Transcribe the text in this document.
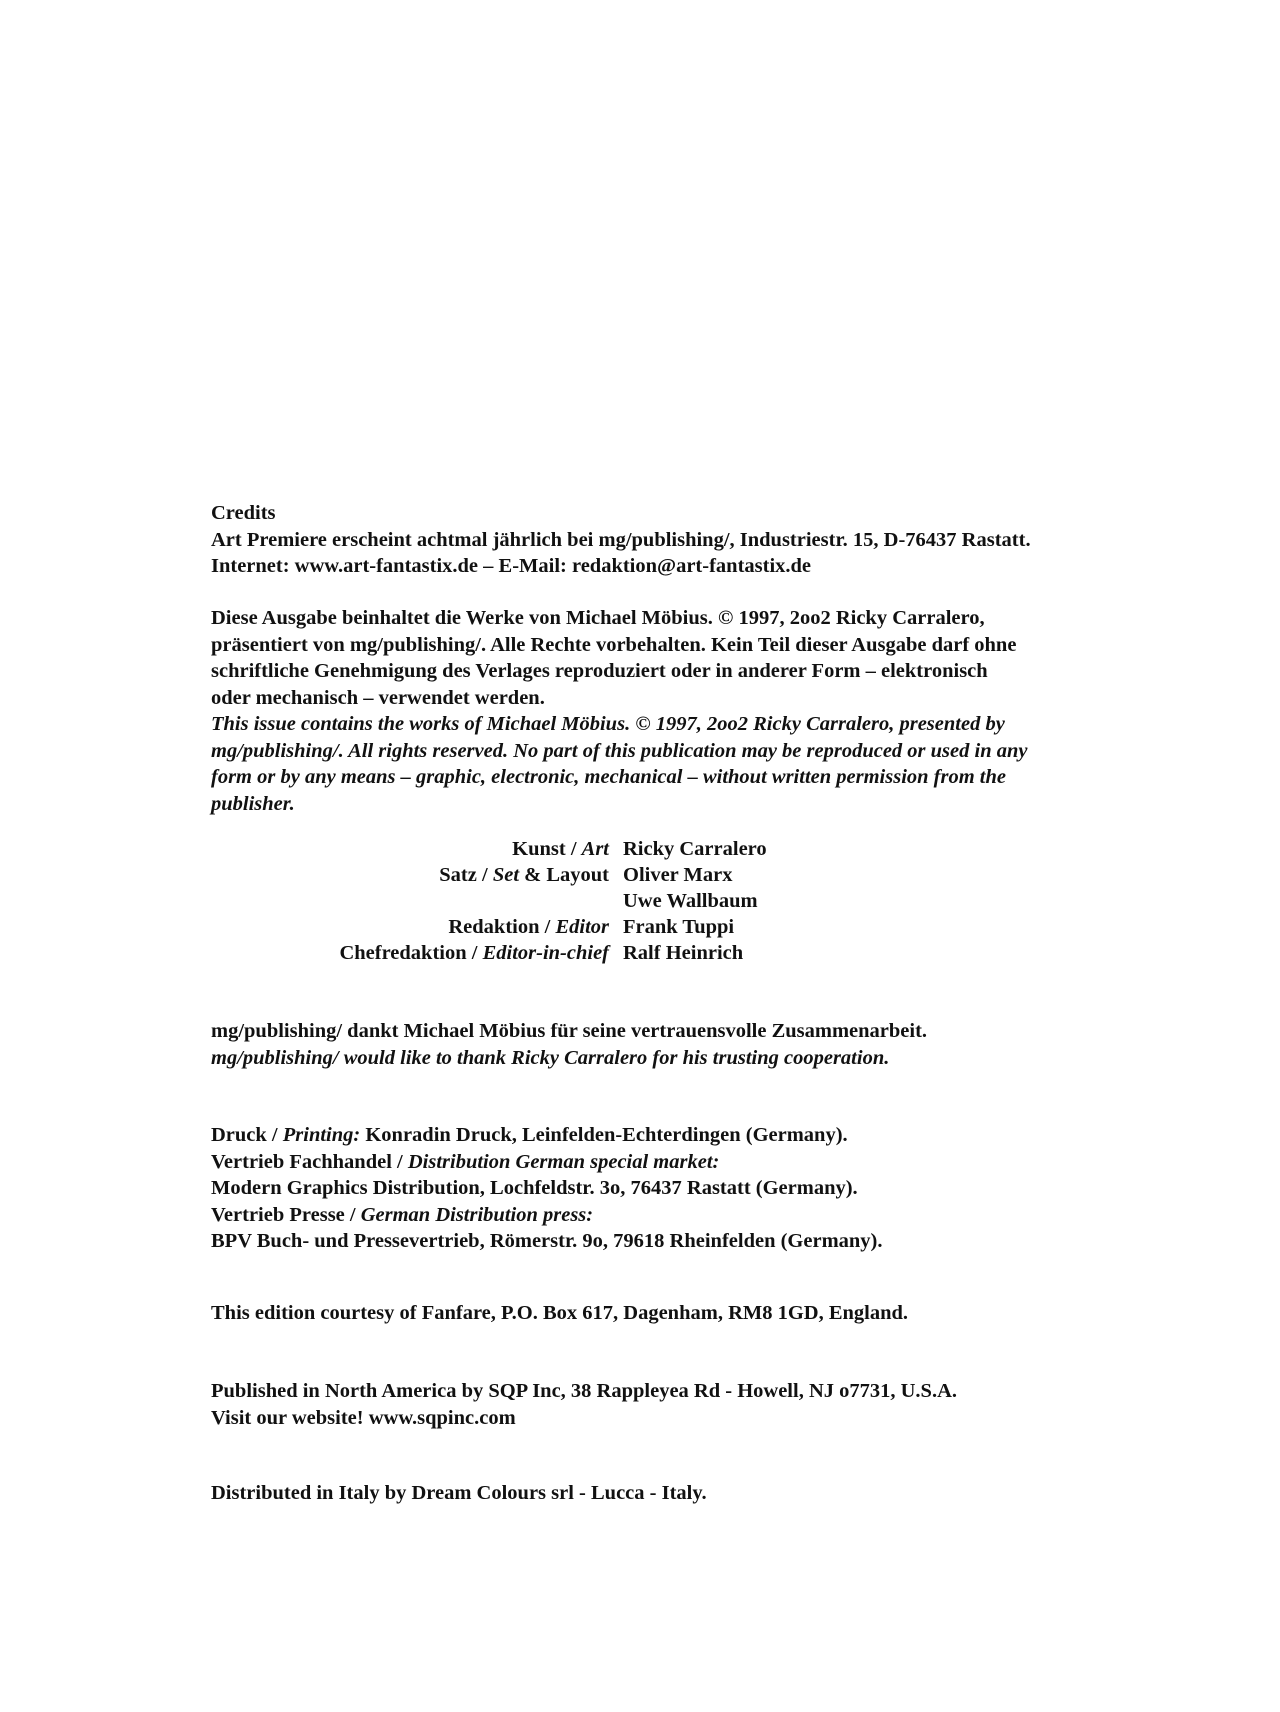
Credits
Art Premiere erscheint achtmal jährlich bei mg/publishing/, Industriestr. 15, D-76437 Rastatt.
Internet: www.art-fantastix.de – E-Mail: redaktion@art-fantastix.de
Diese Ausgabe beinhaltet die Werke von Michael Möbius. © 1997, 2oo2 Ricky Carralero,
präsentiert von mg/publishing/. Alle Rechte vorbehalten. Kein Teil dieser Ausgabe darf ohne
schriftliche Genehmigung des Verlages reproduziert oder in anderer Form – elektronisch
oder mechanisch – verwendet werden.
This issue contains the works of Michael Möbius. © 1997, 2oo2 Ricky Carralero, presented by
mg/publishing/. All rights reserved. No part of this publication may be reproduced or used in any
form or by any means – graphic, electronic, mechanical – without written permission from the
publisher.
Kunst / Art Ricky Carralero
Satz / Set & Layout Oliver Marx
Uwe Wallbaum
Redaktion / Editor Frank Tuppi
Chefredaktion / Editor-in-chief Ralf Heinrich
mg/publishing/ dankt Michael Möbius für seine vertrauensvolle Zusammenarbeit.
mg/publishing/ would like to thank Ricky Carralero for his trusting cooperation.
Druck / Printing: Konradin Druck, Leinfelden-Echterdingen (Germany).
Vertrieb Fachhandel / Distribution German special market:
Modern Graphics Distribution, Lochfeldstr. 3o, 76437 Rastatt (Germany).
Vertrieb Presse / German Distribution press:
BPV Buch- und Pressevertrieb, Römerstr. 9o, 79618 Rheinfelden (Germany).
This edition courtesy of Fanfare, P.O. Box 617, Dagenham, RM8 1GD, England.
Published in North America by SQP Inc, 38 Rappleyea Rd - Howell, NJ o7731, U.S.A.
Visit our website! www.sqpinc.com
Distributed in Italy by Dream Colours srl - Lucca - Italy.
